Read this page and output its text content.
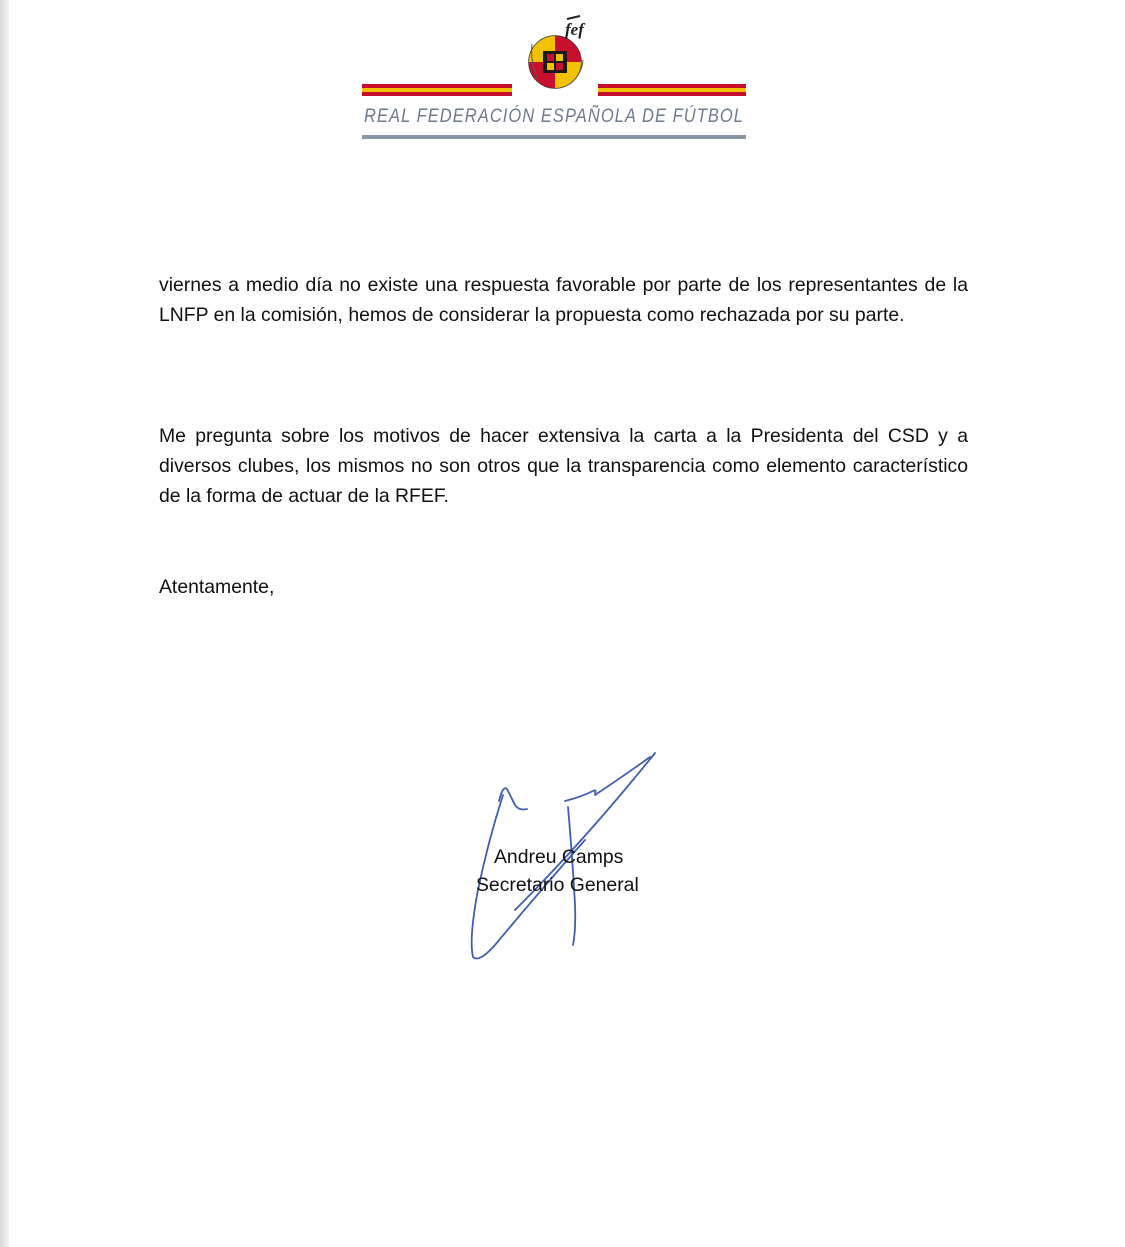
fef
REAL FEDERACIÓN ESPAÑOLA DE FÚTBOL

viernes a medio día no existe una respuesta favorable por parte de los representantes de la LNFP en la comisión, hemos de considerar la propuesta como rechazada por su parte.

Me pregunta sobre los motivos de hacer extensiva la carta a la Presidenta del CSD y a diversos clubes, los mismos no son otros que la transparencia como elemento característico de la forma de actuar de la RFEF.

Atentamente,

Andreu Camps

Secretario General
